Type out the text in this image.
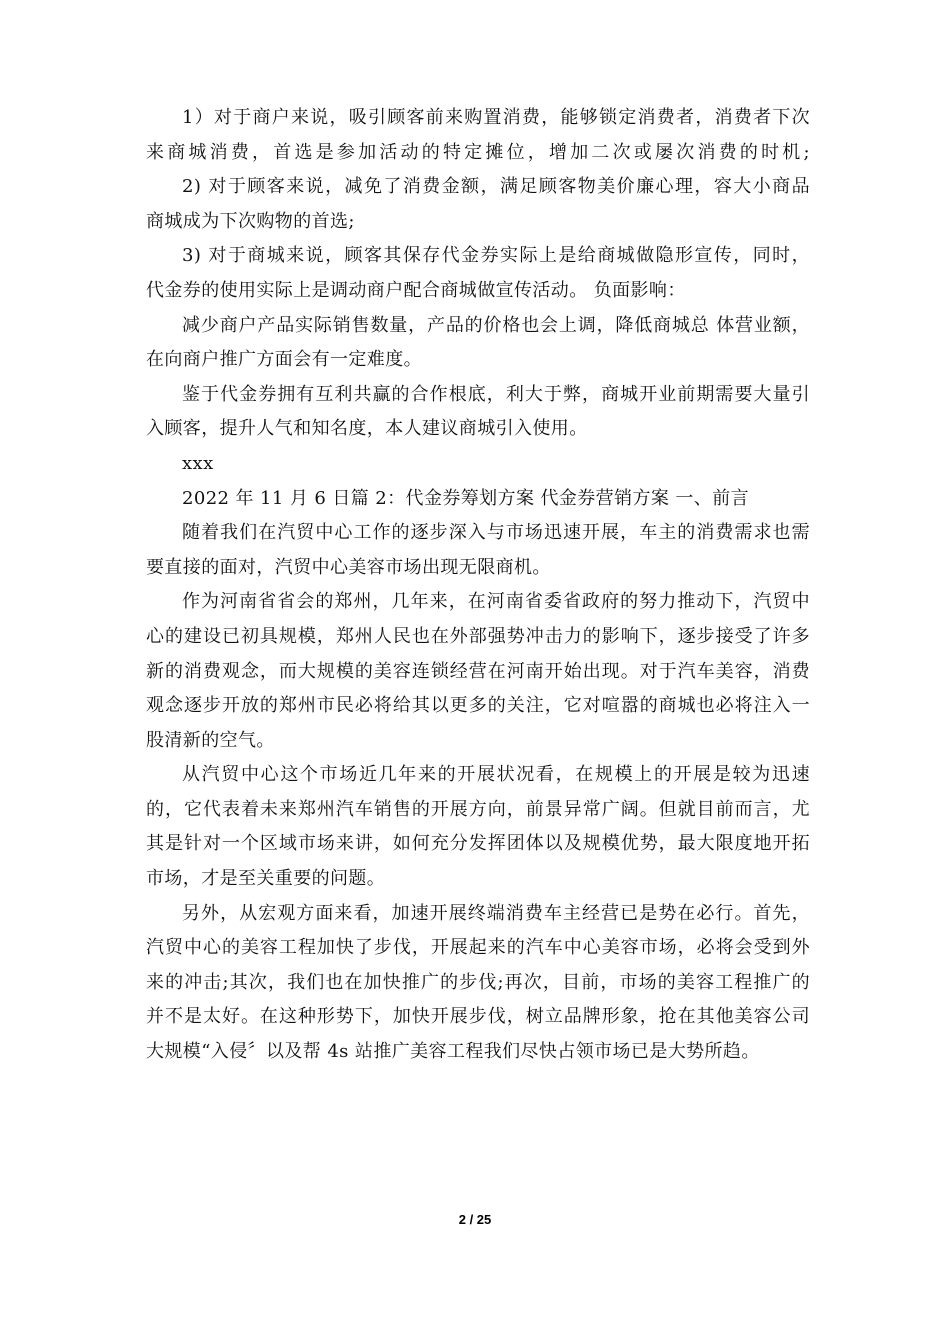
1）对于商户来说，吸引顾客前来购置消费，能够锁定消费者，消费者下次
来商城消费，首选是参加活动的特定摊位，增加二次或屡次消费的时机;
2) 对于顾客来说，减免了消费金额，满足顾客物美价廉心理，容大小商品
商城成为下次购物的首选;
3) 对于商城来说，顾客其保存代金券实际上是给商城做隐形宣传，同时，
代金券的使用实际上是调动商户配合商城做宣传活动。 负面影响：
减少商户产品实际销售数量，产品的价格也会上调，降低商城总 体营业额，
在向商户推广方面会有一定难度。
鉴于代金券拥有互利共赢的合作根底，利大于弊，商城开业前期需要大量引
入顾客，提升人气和知名度，本人建议商城引入使用。
xxx
2022 年 11 月 6 日篇 2：代金券筹划方案 代金券营销方案 一、前言
随着我们在汽贸中心工作的逐步深入与市场迅速开展，车主的消费需求也需
要直接的面对，汽贸中心美容市场出现无限商机。
作为河南省省会的郑州，几年来，在河南省委省政府的努力推动下，汽贸中
心的建设已初具规模，郑州人民也在外部强势冲击力的影响下，逐步接受了许多
新的消费观念，而大规模的美容连锁经营在河南开始出现。对于汽车美容，消费
观念逐步开放的郑州市民必将给其以更多的关注，它对喧嚣的商城也必将注入一
股清新的空气。
从汽贸中心这个市场近几年来的开展状况看，在规模上的开展是较为迅速
的，它代表着未来郑州汽车销售的开展方向，前景异常广阔。但就目前而言，尤
其是针对一个区域市场来讲，如何充分发挥团体以及规模优势，最大限度地开拓
市场，才是至关重要的问题。
另外，从宏观方面来看，加速开展终端消费车主经营已是势在必行。首先，
汽贸中心的美容工程加快了步伐，开展起来的汽车中心美容市场，必将会受到外
来的冲击;其次，我们也在加快推广的步伐;再次，目前，市场的美容工程推广的
并不是太好。在这种形势下，加快开展步伐，树立品牌形象，抢在其他美容公司
大规模“入侵〞以及帮 4s 站推广美容工程我们尽快占领市场已是大势所趋。
2 / 25
